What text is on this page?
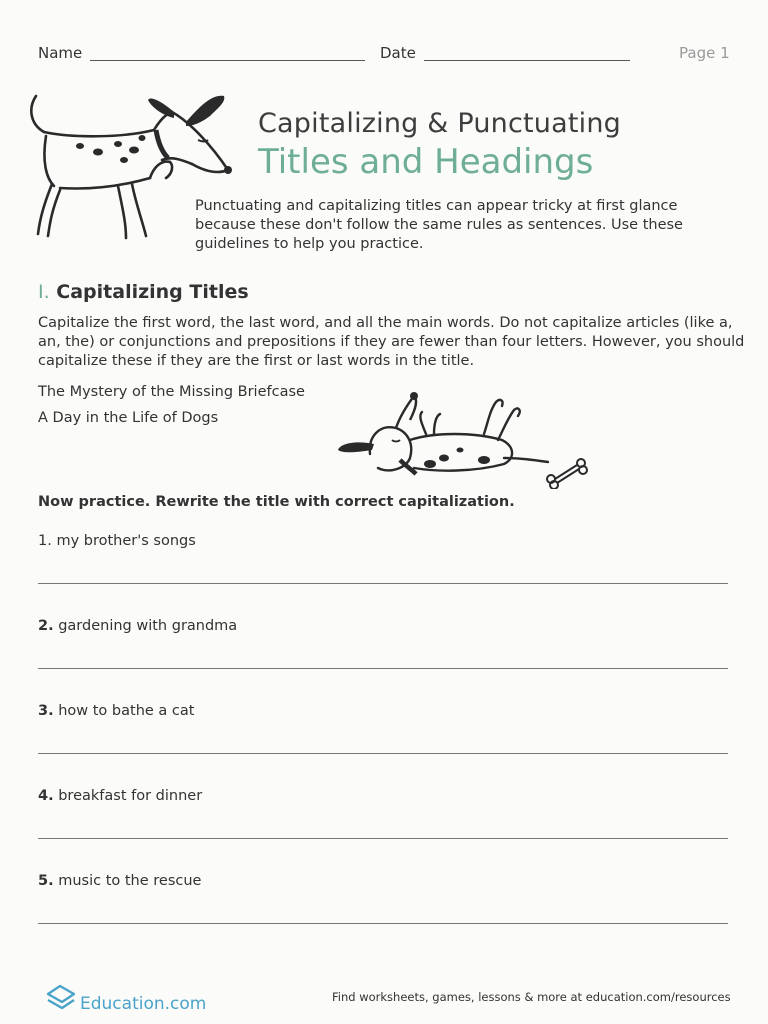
Name	Date	Page 1
Capitalizing & Punctuating
Titles and Headings
Punctuating and capitalizing titles can appear tricky at first glance because these don't follow the same rules as sentences. Use these guidelines to help you practice.
I. Capitalizing Titles
Capitalize the first word, the last word, and all the main words. Do not capitalize articles (like a, an, the) or conjunctions and prepositions if they are fewer than four letters. However, you should capitalize these if they are the first or last words in the title.
The Mystery of the Missing Briefcase
A Day in the Life of Dogs
Now practice. Rewrite the title with correct capitalization.
1. my brother's songs
2. gardening with grandma
3. how to bathe a cat
4. breakfast for dinner
5. music to the rescue
Education.com	Find worksheets, games, lessons & more at education.com/resources
